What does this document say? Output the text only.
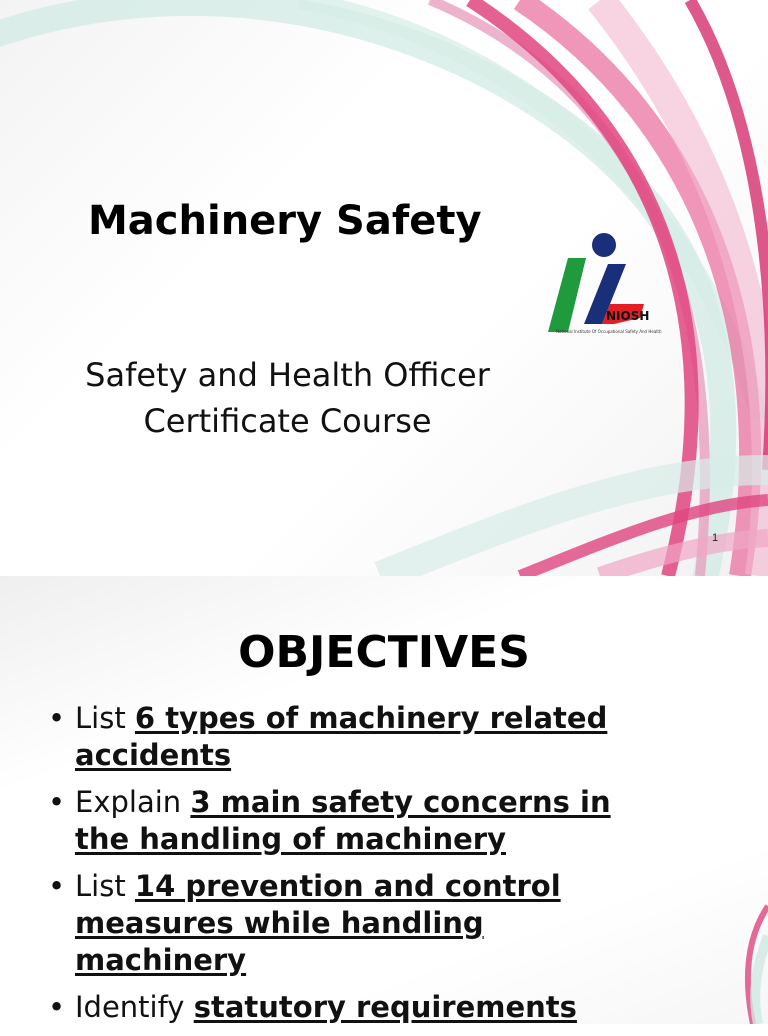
Machinery Safety
NIOSH
National Institute Of Occupational Safety And Health
Safety and Health Officer
Certificate Course
1
OBJECTIVES
• List 6 types of machinery related accidents
• Explain 3 main safety concerns in the handling of machinery
• List 14 prevention and control measures while handling machinery
• Identify statutory requirements
